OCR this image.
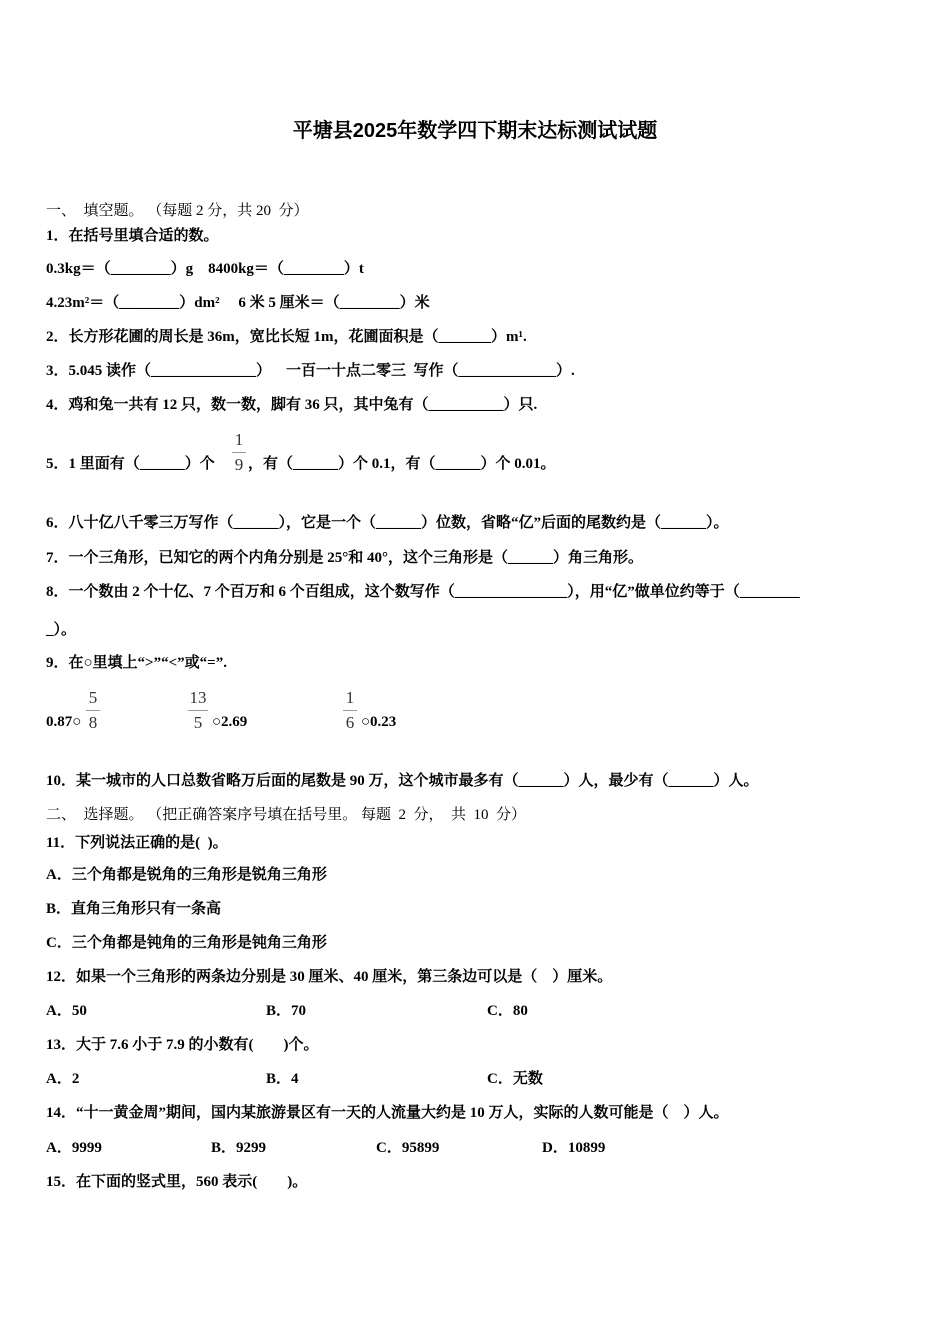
平塘县2025年数学四下期末达标测试试题
一、  填空题。 （每题 2 分，共 20  分）
1．在括号里填合适的数。
0.3kg＝（________）g    8400kg＝（________）t
4.23m²＝（________）dm²     6 米 5 厘米＝（________）米
2．长方形花圃的周长是 36m，宽比长短 1m，花圃面积是（_______）m¹.
3．5.045 读作（______________）    一百一十点二零三  写作（_____________）.
4．鸡和兔一共有 12 只，数一数，脚有 36 只，其中兔有（__________）只.
5．1 里面有（______）个
1
9 ，有（______）个 0.1，有（______）个 0.01。
6．八十亿八千零三万写作（______），它是一个（______）位数，省略“亿”后面的尾数约是（______）。
7．一个三角形，已知它的两个内角分别是 25°和 40°，这个三角形是（______）角三角形。
8．一个数由 2 个十亿、7 个百万和 6 个百组成，这个数写作（_______________），用“亿”做单位约等于（________
_）。
9．在○里填上“>”“<”或“=”.
0.87○
5
8
13
5 ○2.69
1
6 ○0.23
10．某一城市的人口总数省略万后面的尾数是 90 万，这个城市最多有（______）人，最少有（______）人。
二、  选择题。 （把正确答案序号填在括号里。 每题  2  分，  共  10  分）
11．下列说法正确的是(  )。
A．三个角都是锐角的三角形是锐角三角形
B．直角三角形只有一条高
C．三个角都是钝角的三角形是钝角三角形
12．如果一个三角形的两条边分别是 30 厘米、40 厘米，第三条边可以是（    ）厘米。
A．50	B．70	C．80
13．大于 7.6 小于 7.9 的小数有(        )个。
A．2	B．4	C．无数
14．“十一黄金周”期间，国内某旅游景区有一天的人流量大约是 10 万人，实际的人数可能是（    ）人。
A．9999	B．9299	C．95899	D．10899
15．在下面的竖式里，560 表示(        )。
